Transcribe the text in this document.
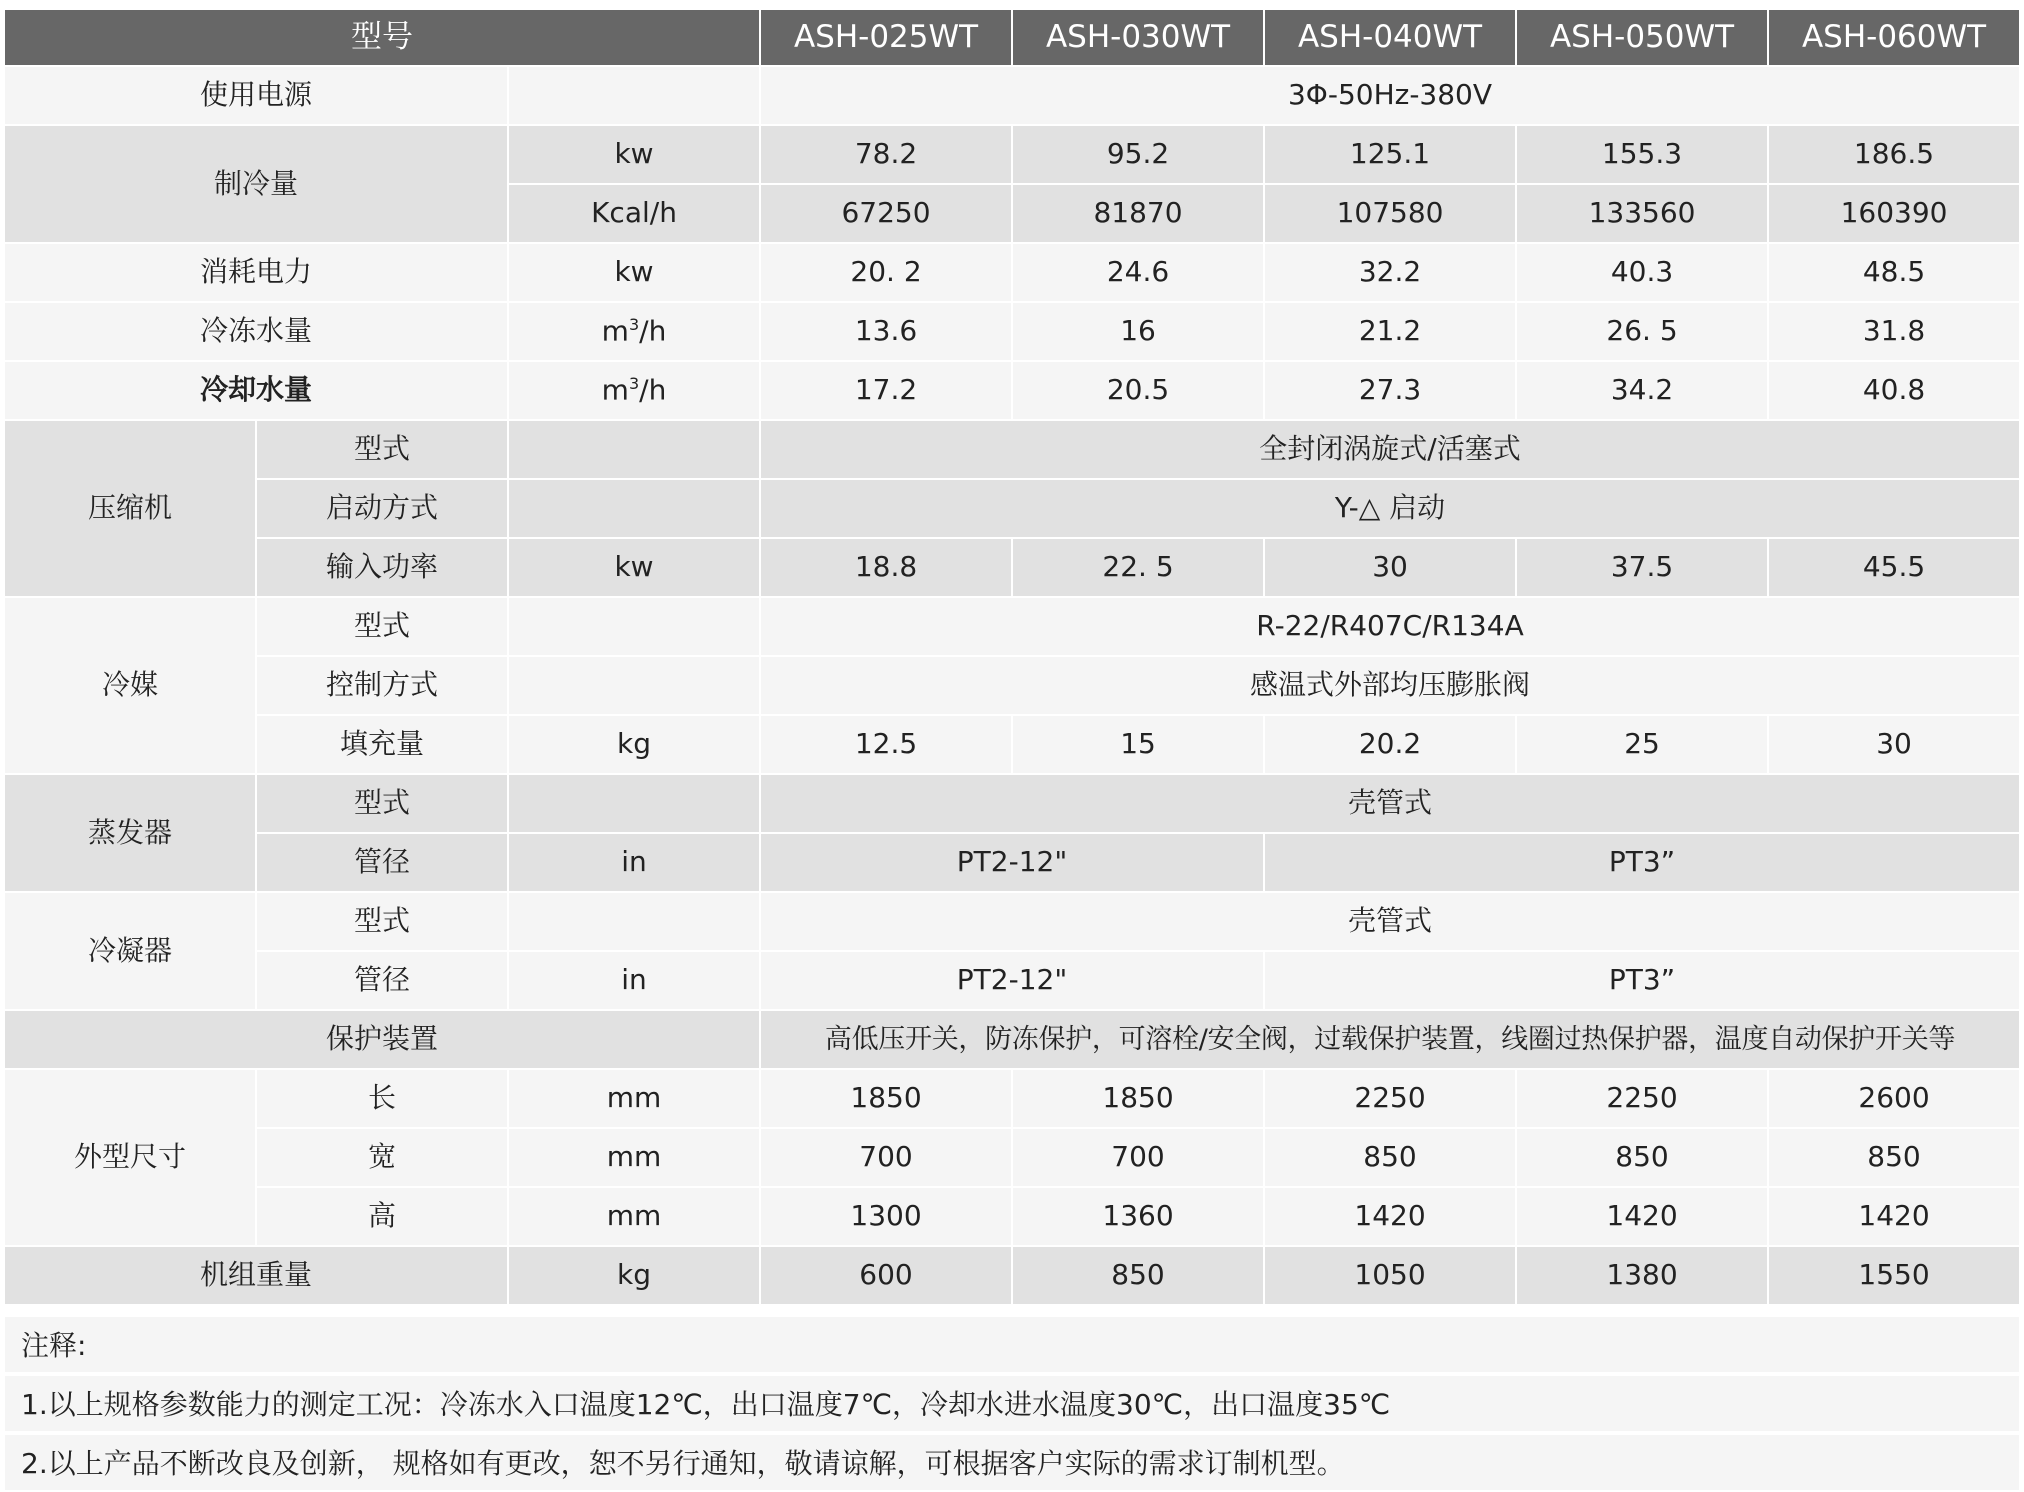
型号			ASH-025WT	ASH-030WT	ASH-040WT	ASH-050WT	ASH-060WT
使用电源			3Φ-50Hz-380V				
制冷量		kw	78.2	95.2	125.1	155.3	186.5
		Kcal/h	67250	81870	107580	133560	160390
消耗电力		kw	20. 2	24.6	32.2	40.3	48.5
冷冻水量		$m^3/h$	13.6	16	21.2	26. 5	31.8
冷却水量		$m^3/h$	17.2	20.5	27.3	34.2	40.8
压缩机	型式		全封闭涡旋式/活塞式				
	启动方式		Y-△ 启动				
	输入功率	kw	18.8	22. 5	30	37.5	45.5
冷媒	型式		R-22/R407C/R134A				
	控制方式		感温式外部均压膨胀阀				
	填充量	kg	12.5	15	20.2	25	30
蒸发器	型式		壳管式				
	管径	in	PT2-12"		PT3”		
冷凝器	型式		壳管式				
	管径	in	PT2-12"		PT3”		
保护装置			高低压开关，防冻保护，可溶栓/安全阀，过载保护装置，线圈过热保护器，温度自动保护开关等				
外型尺寸	长	mm	1850	1850	2250	2250	2600
	宽	mm	700	700	850	850	850
	高	mm	1300	1360	1420	1420	1420
机组重量		kg	600	850	1050	1380	1550
注释:
1.以上规格参数能力的测定工况：冷冻水入口温度12℃，出口温度7℃，冷却水进水温度30℃，出口温度35℃
2.以上产品不断改良及创新， 规格如有更改，恕不另行通知，敬请谅解，可根据客户实际的需求订制机型。
